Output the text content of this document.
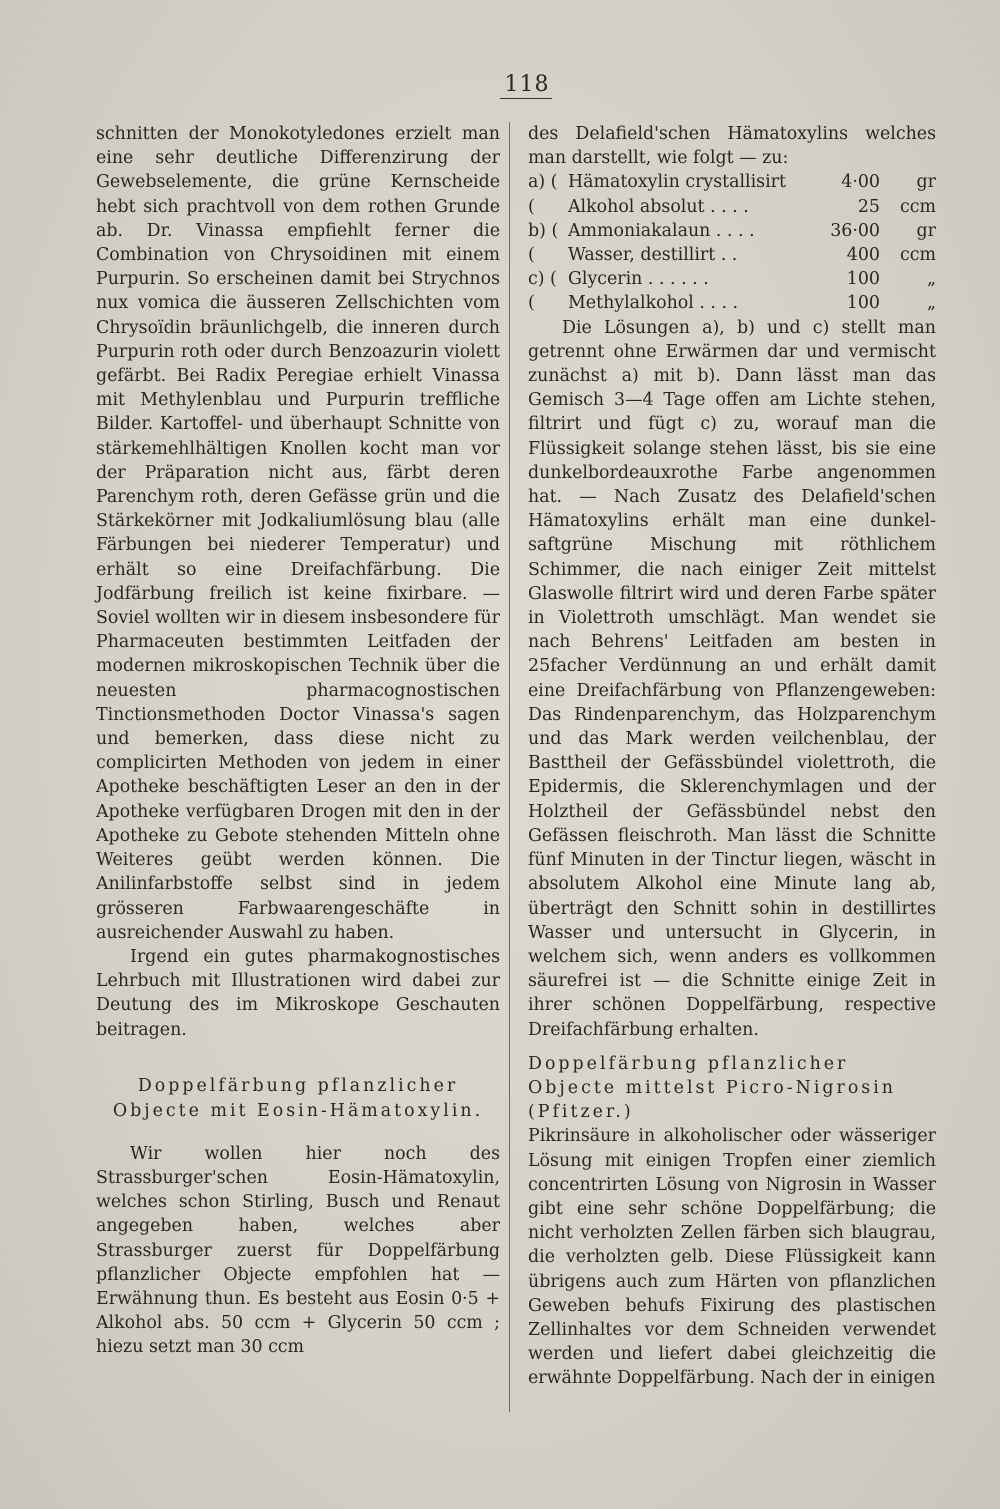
118

schnitten der Monokotyledones erzielt man eine sehr deutliche Differenzirung der Gewebselemente, die grüne Kernscheide hebt sich prachtvoll von dem rothen Grunde ab. Dr. Vinassa empfiehlt ferner die Combination von Chrysoidinen mit einem Purpurin. So erscheinen damit bei Strychnos nux vomica die äusseren Zellschichten vom Chrysoïdin bräunlichgelb, die inneren durch Purpurin roth oder durch Benzoazurin violett gefärbt. Bei Radix Peregiae erhielt Vinassa mit Methylenblau und Purpurin treffliche Bilder. Kartoffel- und überhaupt Schnitte von stärkemehlhältigen Knollen kocht man vor der Präparation nicht aus, färbt deren Parenchym roth, deren Gefässe grün und die Stärkekörner mit Jodkaliumlösung blau (alle Färbungen bei niederer Temperatur) und erhält so eine Dreifachfärbung. Die Jodfärbung freilich ist keine fixirbare. — Soviel wollten wir in diesem insbesondere für Pharmaceuten bestimmten Leitfaden der modernen mikroskopischen Technik über die neuesten pharmacognostischen Tinctionsmethoden Doctor Vinassa's sagen und bemerken, dass diese nicht zu complicirten Methoden von jedem in einer Apotheke beschäftigten Leser an den in der Apotheke verfügbaren Drogen mit den in der Apotheke zu Gebote stehenden Mitteln ohne Weiteres geübt werden können. Die Anilinfarbstoffe selbst sind in jedem grösseren Farbwaarengeschäfte in ausreichender Auswahl zu haben.

Irgend ein gutes pharmakognostisches Lehrbuch mit Illustrationen wird dabei zur Deutung des im Mikroskope Geschauten beitragen.

Doppelfärbung pflanzlicher Objecte mit Eosin-Hämatoxylin.

Wir wollen hier noch des Strassburger'schen Eosin-Hämatoxylin, welches schon Stirling, Busch und Renaut angegeben haben, welches aber Strassburger zuerst für Doppelfärbung pflanzlicher Objecte empfohlen hat — Erwähnung thun. Es besteht aus Eosin 0·5 + Alkohol abs. 50 ccm + Glycerin 50 ccm ; hiezu setzt man 30 ccm

des Delafield'schen Hämatoxylins welches man darstellt, wie folgt — zu:

a) ( Hämatoxylin crystallisirt	4·00	gr
(	Alkohol absolut . . . .	25	ccm
b) ( Ammoniakalaun . . . .	36·00	gr
(	Wasser, destillirt . .	400	ccm
c) ( Glycerin . . . . . .	100	„
(	Methylalkohol . . . .	100	„

Die Lösungen a), b) und c) stellt man getrennt ohne Erwärmen dar und vermischt zunächst a) mit b). Dann lässt man das Gemisch 3—4 Tage offen am Lichte stehen, filtrirt und fügt c) zu, worauf man die Flüssigkeit solange stehen lässt, bis sie eine dunkelbordeauxrothe Farbe angenommen hat. — Nach Zusatz des Delafield'schen Hämatoxylins erhält man eine dunkel-saftgrüne Mischung mit röthlichem Schimmer, die nach einiger Zeit mittelst Glaswolle filtrirt wird und deren Farbe später in Violettroth umschlägt. Man wendet sie nach Behrens' Leitfaden am besten in 25facher Verdünnung an und erhält damit eine Dreifachfärbung von Pflanzengeweben: Das Rindenparenchym, das Holzparenchym und das Mark werden veilchenblau, der Basttheil der Gefässbündel violettroth, die Epidermis, die Sklerenchymlagen und der Holztheil der Gefässbündel nebst den Gefässen fleischroth. Man lässt die Schnitte fünf Minuten in der Tinctur liegen, wäscht in absolutem Alkohol eine Minute lang ab, überträgt den Schnitt sohin in destillirtes Wasser und untersucht in Glycerin, in welchem sich, wenn anders es vollkommen säurefrei ist — die Schnitte einige Zeit in ihrer schönen Doppelfärbung, respective Dreifachfärbung erhalten.

Doppelfärbung pflanzlicher Objecte mittelst Picro-Nigrosin (Pfitzer.)

Pikrinsäure in alkoholischer oder wässeriger Lösung mit einigen Tropfen einer ziemlich concentrirten Lösung von Nigrosin in Wasser gibt eine sehr schöne Doppelfärbung; die nicht verholzten Zellen färben sich blaugrau, die verholzten gelb. Diese Flüssigkeit kann übrigens auch zum Härten von pflanzlichen Geweben behufs Fixirung des plastischen Zellinhaltes vor dem Schneiden verwendet werden und liefert dabei gleichzeitig die erwähnte Doppelfärbung. Nach der in einigen
